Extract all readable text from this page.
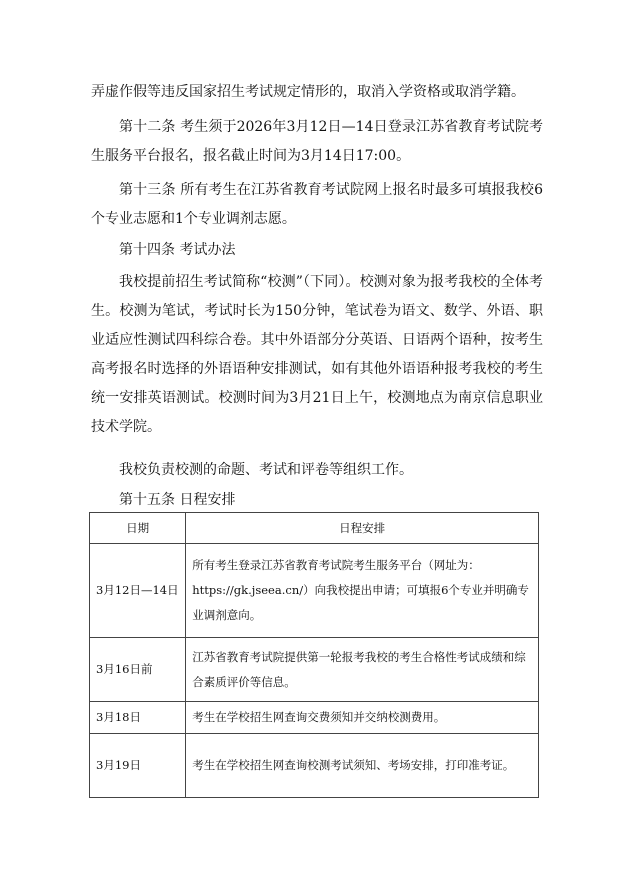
弄虚作假等违反国家招生考试规定情形的，取消入学资格或取消学籍。

第十二条 考生须于2026年3月12日—14日登录江苏省教育考试院考生服务平台报名，报名截止时间为3月14日17:00。

第十三条 所有考生在江苏省教育考试院网上报名时最多可填报我校6个专业志愿和1个专业调剂志愿。

第十四条 考试办法

我校提前招生考试简称“校测”（下同）。校测对象为报考我校的全体考生。校测为笔试，考试时长为150分钟，笔试卷为语文、数学、外语、职业适应性测试四科综合卷。其中外语部分分英语、日语两个语种，按考生高考报名时选择的外语语种安排测试，如有其他外语语种报考我校的考生统一安排英语测试。校测时间为3月21日上午，校测地点为南京信息职业技术学院。

我校负责校测的命题、考试和评卷等组织工作。

第十五条 日程安排

日期	日程安排
3月12日—14日	所有考生登录江苏省教育考试院考生服务平台（网址为：https://gk.jseea.cn/）向我校提出申请；可填报6个专业并明确专业调剂意向。
3月16日前	江苏省教育考试院提供第一轮报考我校的考生合格性考试成绩和综合素质评价等信息。
3月18日	考生在学校招生网查询交费须知并交纳校测费用。
3月19日	考生在学校招生网查询校测考试须知、考场安排，打印准考证。
